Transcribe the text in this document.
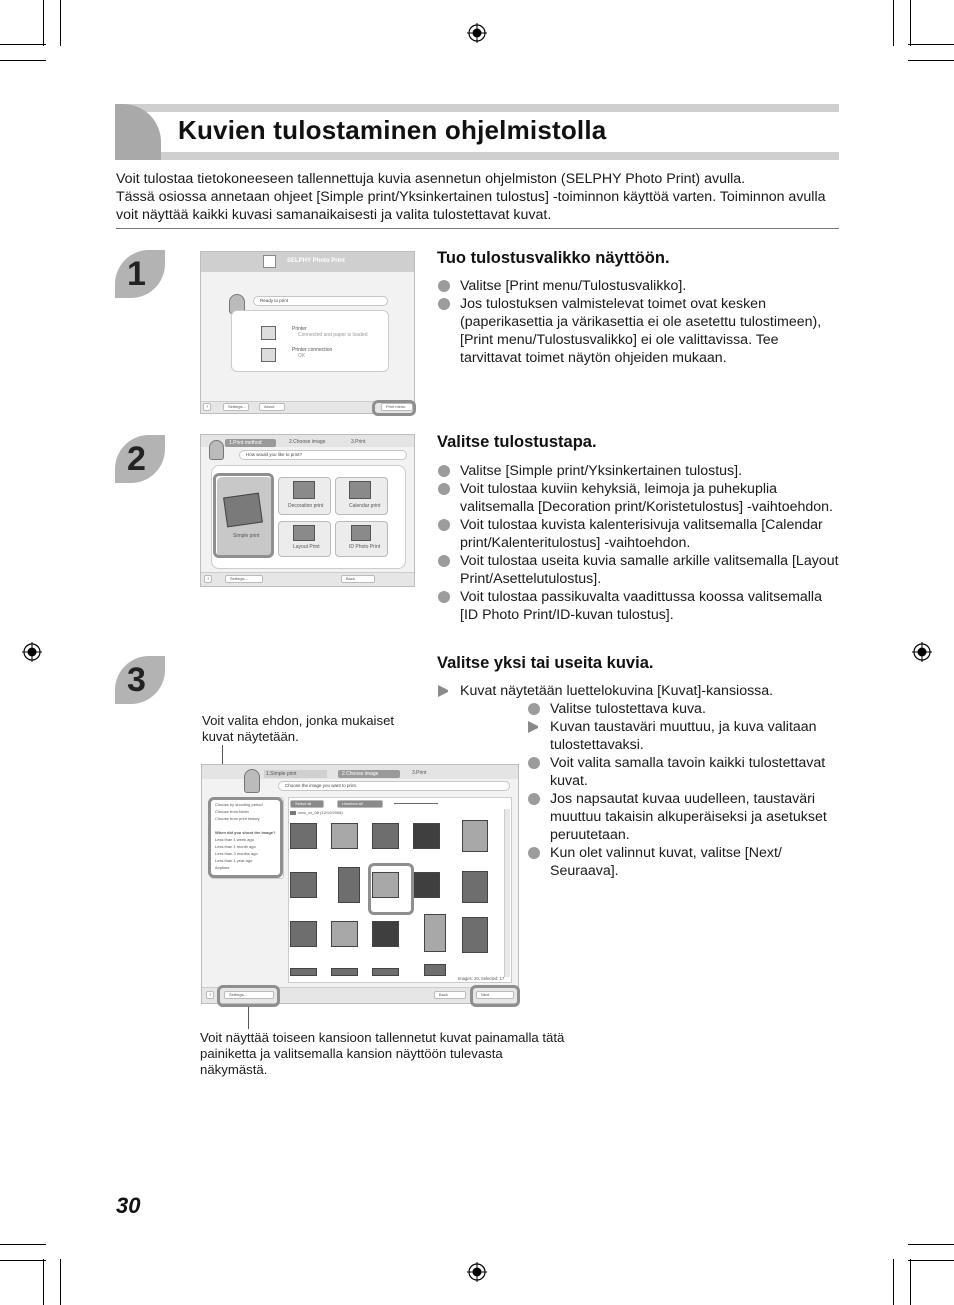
Kuvien tulostaminen ohjelmistolla

Voit tulostaa tietokoneeseen tallennettuja kuvia asennetun ohjelmiston (SELPHY Photo Print) avulla.

Tässä osiossa annetaan ohjeet [Simple print/Yksinkertainen tulostus] -toiminnon käyttöä varten. Toiminnon avulla voit näyttää kaikki kuvasi samanaikaisesti ja valita tulostettavat kuvat.

1	SELPHY Photo Print
Ready to print
Printer
Connected and paper is loaded
Printer connection
OK
?	Settings...	About	Print menu
Tuo tulostusvalikko näyttöön.
Valitse [Print menu/Tulostusvalikko].
Jos tulostuksen valmistelevat toimet ovat kesken (paperikasettia ja värikasettia ei ole asetettu tulostimeen), [Print menu/Tulostusvalikko] ei ole valittavissa. Tee tarvittavat toimet näytön ohjeiden mukaan.
2	1.Print method	2.Choose image	3.Print
How would you like to print?
Simple print
Decoration print	Calendar print
Layout Print	ID Photo Print
?	Settings...	Back
Valitse tulostustapa.
Valitse [Simple print/Yksinkertainen tulostus].
Voit tulostaa kuviin kehyksiä, leimoja ja puhekuplia valitsemalla [Decoration print/Koristetulostus] -vaihtoehdon.
Voit tulostaa kuvista kalenterisivuja valitsemalla [Calendar print/Kalenteritulostus] -vaihtoehdon.
Voit tulostaa useita kuvia samalle arkille valitsemalla [Layout Print/Asettelutulostus].
Voit tulostaa passikuvalta vaadittussa koossa valitsemalla [ID Photo Print/ID-kuvan tulostus].
3	Valitse yksi tai useita kuvia.
Kuvat näytetään luettelokuvina [Kuvat]-kansiossa.
Valitse tulostettava kuva.
Kuvan taustaväri muuttuu, ja kuva valitaan tulostettavaksi.
Voit valita samalla tavoin kaikki tulostettavat kuvat.
Jos napsautat kuvaa uudelleen, taustaväri muuttuu takaisin alkuperäiseksi ja asetukset peruutetaan.
Kun olet valinnut kuvat, valitse [Next/ Seuraava].
Voit valita ehdon, jonka mukaiset kuvat näytetään.
1.Simple print	2.Choose image	3.Print
Choose the image you want to print.
Choose by shooting period
Choose from folder
Choose from print history
When did you shoot the image?
Less than 1 week ago
Less than 1 month ago
Less than 3 months ago
Less than 1 year ago
Anytime
Select all	Unselect all
xxxx_xx_08 (12/10/2008)
Images: 20, Selected: 17
?	Settings...	Back	Next
Voit näyttää toiseen kansioon tallennetut kuvat painamalla tätä painiketta ja valitsemalla kansion näyttöön tulevasta näkymästä.
30
